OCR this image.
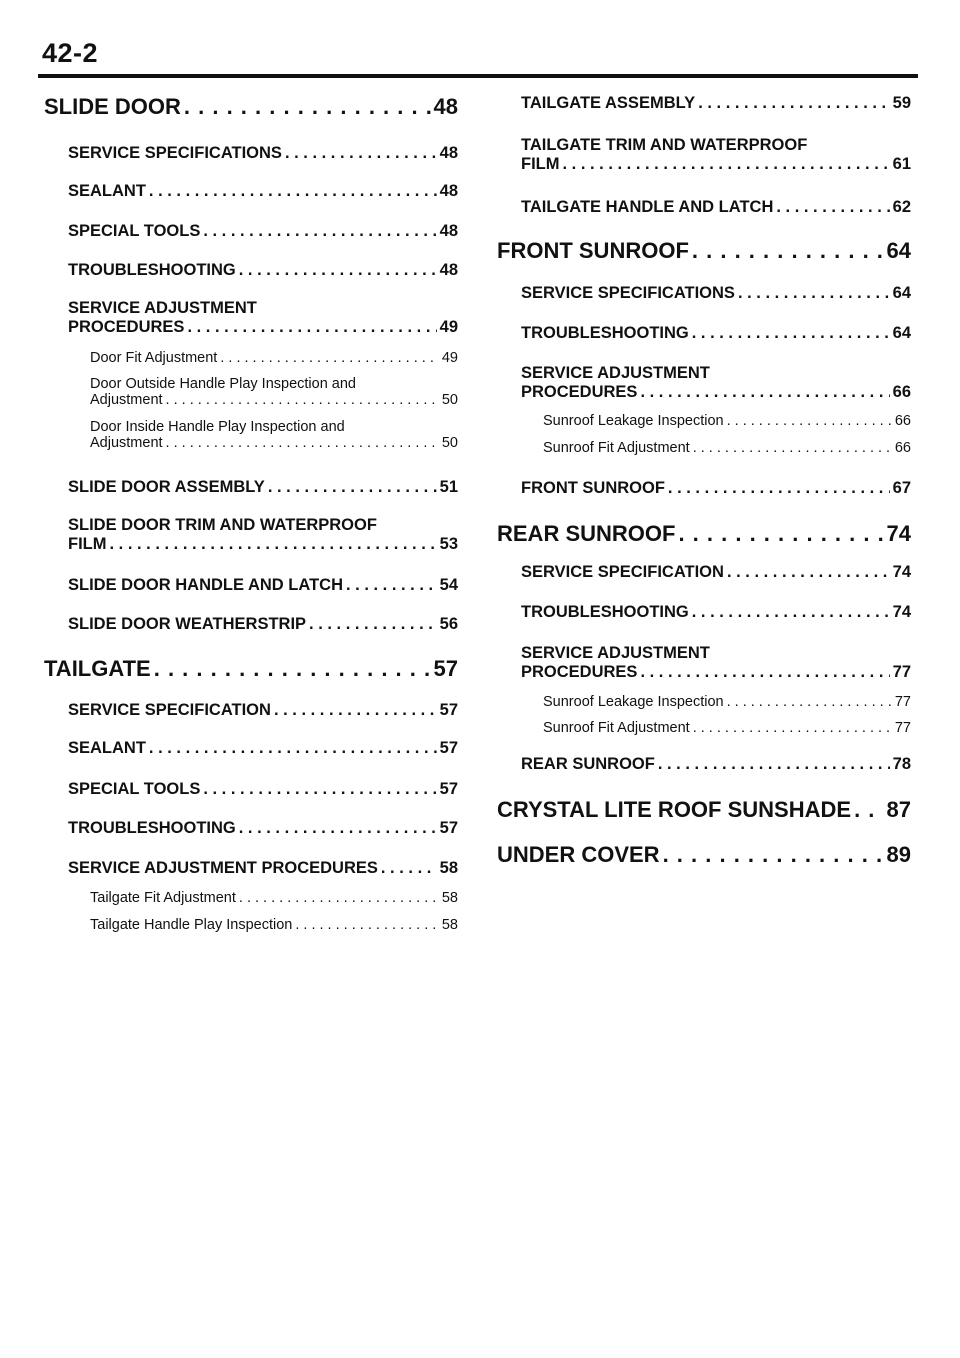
42-2
SLIDE DOOR . . .	48
SERVICE SPECIFICATIONS . . .	48
SEALANT . . .	48
SPECIAL TOOLS . . .	48
TROUBLESHOOTING . . .	48
SERVICE ADJUSTMENT
PROCEDURES . . .	49
Door Fit Adjustment . . .	49
Door Outside Handle Play Inspection and
Adjustment . . .	50
Door Inside Handle Play Inspection and
Adjustment . . .	50
SLIDE DOOR ASSEMBLY . . .	51
SLIDE DOOR TRIM AND WATERPROOF
FILM . . .	53
SLIDE DOOR HANDLE AND LATCH . . .	54
SLIDE DOOR WEATHERSTRIP . . .	56
TAILGATE . . .	57
SERVICE SPECIFICATION . . .	57
SEALANT . . .	57
SPECIAL TOOLS . . .	57
TROUBLESHOOTING . . .	57
SERVICE ADJUSTMENT PROCEDURES . . .	58
Tailgate Fit Adjustment . . .	58
Tailgate Handle Play Inspection . . .	58
TAILGATE ASSEMBLY . . .	59
TAILGATE TRIM AND WATERPROOF
FILM . . .	61
TAILGATE HANDLE AND LATCH . . .	62
FRONT SUNROOF . . .	64
SERVICE SPECIFICATIONS . . .	64
TROUBLESHOOTING . . .	64
SERVICE ADJUSTMENT
PROCEDURES . . .	66
Sunroof Leakage Inspection . . .	66
Sunroof Fit Adjustment . . .	66
FRONT SUNROOF . . .	67
REAR SUNROOF . . .	74
SERVICE SPECIFICATION . . .	74
TROUBLESHOOTING . . .	74
SERVICE ADJUSTMENT
PROCEDURES . . .	77
Sunroof Leakage Inspection . . .	77
Sunroof Fit Adjustment . . .	77
REAR SUNROOF . . .	78
CRYSTAL LITE ROOF SUNSHADE . . . 87
UNDER COVER . . .	89
